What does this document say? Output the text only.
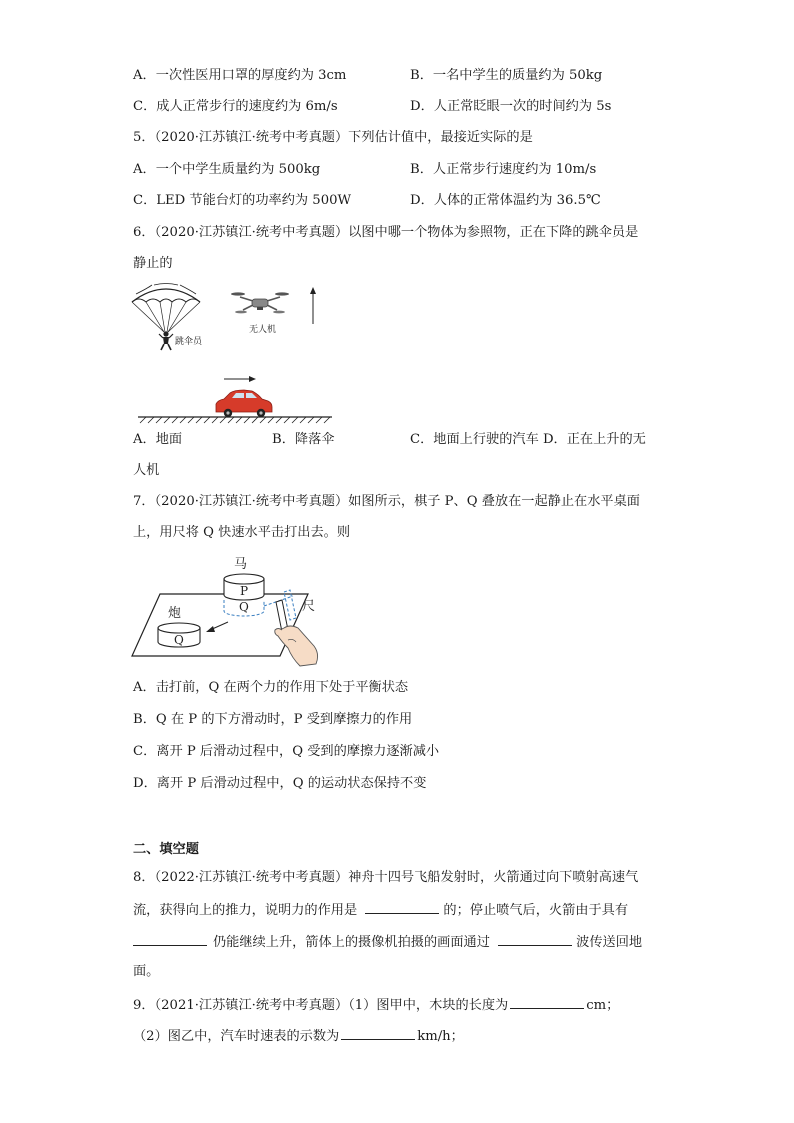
A．一次性医用口罩的厚度约为 3cm	B．一名中学生的质量约为 50kg
C．成人正常步行的速度约为 6m/s	D．人正常眨眼一次的时间约为 5s
5．（2020·江苏镇江·统考中考真题）下列估计值中，最接近实际的是
A．一个中学生质量约为 500kg	B．人正常步行速度约为 10m/s
C．LED 节能台灯的功率约为 500W	D．人体的正常体温约为 36.5℃
6．（2020·江苏镇江·统考中考真题）以图中哪一个物体为参照物，正在下降的跳伞员是
静止的
跳伞员
无人机
A．地面	B．降落伞	C．地面上行驶的汽车 D．正在上升的无
人机
7．（2020·江苏镇江·统考中考真题）如图所示，棋子 P、Q 叠放在一起静止在水平桌面
上，用尺将 Q 快速水平击打出去。则
马
炮	尺
P
Q
Q
A．击打前，Q 在两个力的作用下处于平衡状态
B．Q 在 P 的下方滑动时，P 受到摩擦力的作用
C．离开 P 后滑动过程中，Q 受到的摩擦力逐渐减小
D．离开 P 后滑动过程中，Q 的运动状态保持不变
二、填空题
8．（2022·江苏镇江·统考中考真题）神舟十四号飞船发射时，火箭通过向下喷射高速气
流，获得向上的推力，说明力的作用是	的；停止喷气后，火箭由于具有
仍能继续上升，箭体上的摄像机拍摄的画面通过	波传送回地
面。
9．（2021·江苏镇江·统考中考真题）（1）图甲中，木块的长度为	cm；
（2）图乙中，汽车时速表的示数为	km/h；
